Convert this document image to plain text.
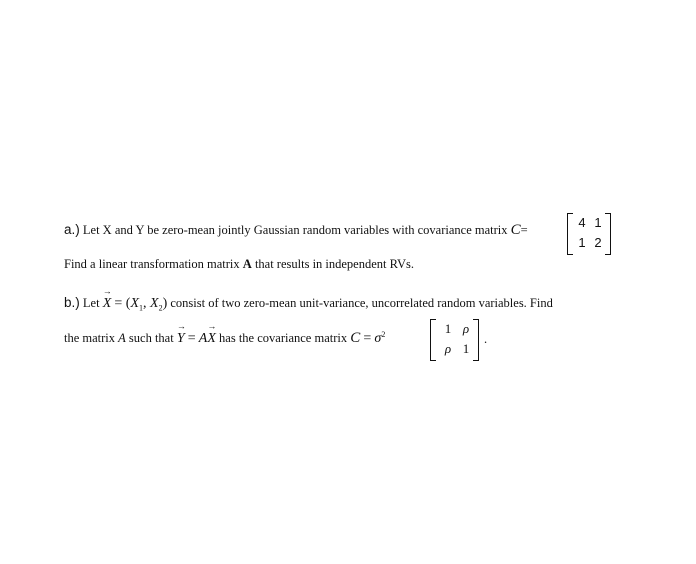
a.) Let X and Y be zero-mean jointly Gaussian random variables with covariance matrix C=	4 1
1 2
Find a linear transformation matrix A that results in independent RVs.
b.) Let → $X = (X_1$, $X_2$) consist of two zero-mean unit-variance, uncorrelated random variables. Find
the matrix A such that → Y = A→ X has the covariance matrix $C = \sigma^2$	1 ρ
ρ 1
.
